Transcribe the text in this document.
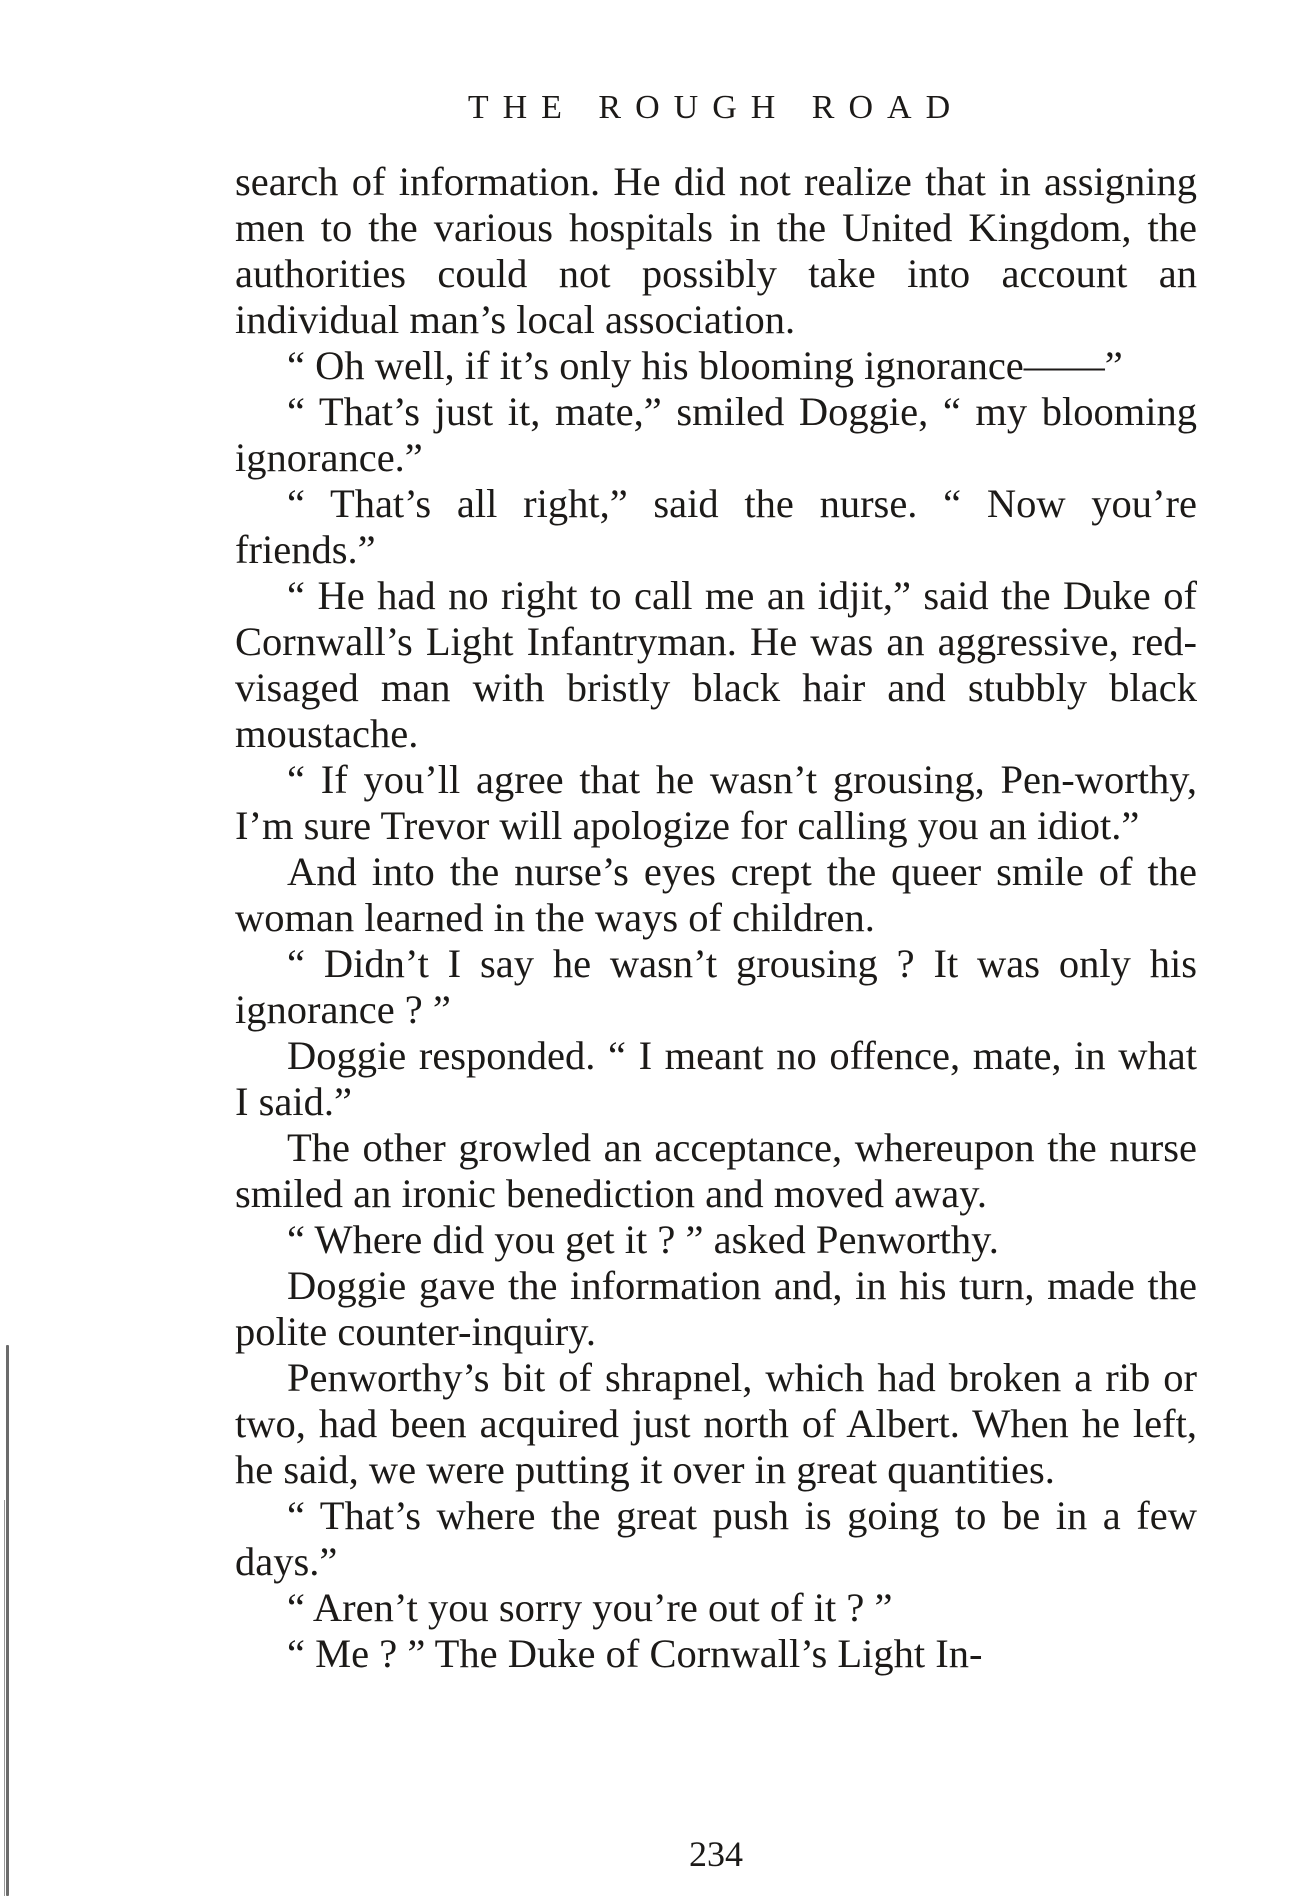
THE ROUGH ROAD

search of information. He did not realize that in assigning men to the various hospitals in the United Kingdom, the authorities could not possibly take into account an individual man’s local association.

“ Oh well, if it’s only his blooming ignorance——”

“ That’s just it, mate,” smiled Doggie, “ my blooming ignorance.”

“ That’s all right,” said the nurse. “ Now you’re friends.”

“ He had no right to call me an idjit,” said the Duke of Cornwall’s Light Infantryman. He was an aggressive, red-visaged man with bristly black hair and stubbly black moustache.

“ If you’ll agree that he wasn’t grousing, Pen-worthy, I’m sure Trevor will apologize for calling you an idiot.”

And into the nurse’s eyes crept the queer smile of the woman learned in the ways of children.

“ Didn’t I say he wasn’t grousing ? It was only his ignorance ? ”

Doggie responded. “ I meant no offence, mate, in what I said.”

The other growled an acceptance, whereupon the nurse smiled an ironic benediction and moved away.

“ Where did you get it ? ” asked Penworthy.

Doggie gave the information and, in his turn, made the polite counter-inquiry.

Penworthy’s bit of shrapnel, which had broken a rib or two, had been acquired just north of Albert. When he left, he said, we were putting it over in great quantities.

“ That’s where the great push is going to be in a few days.”

“ Aren’t you sorry you’re out of it ? ”

“ Me ? ” The Duke of Cornwall’s Light In-

234
